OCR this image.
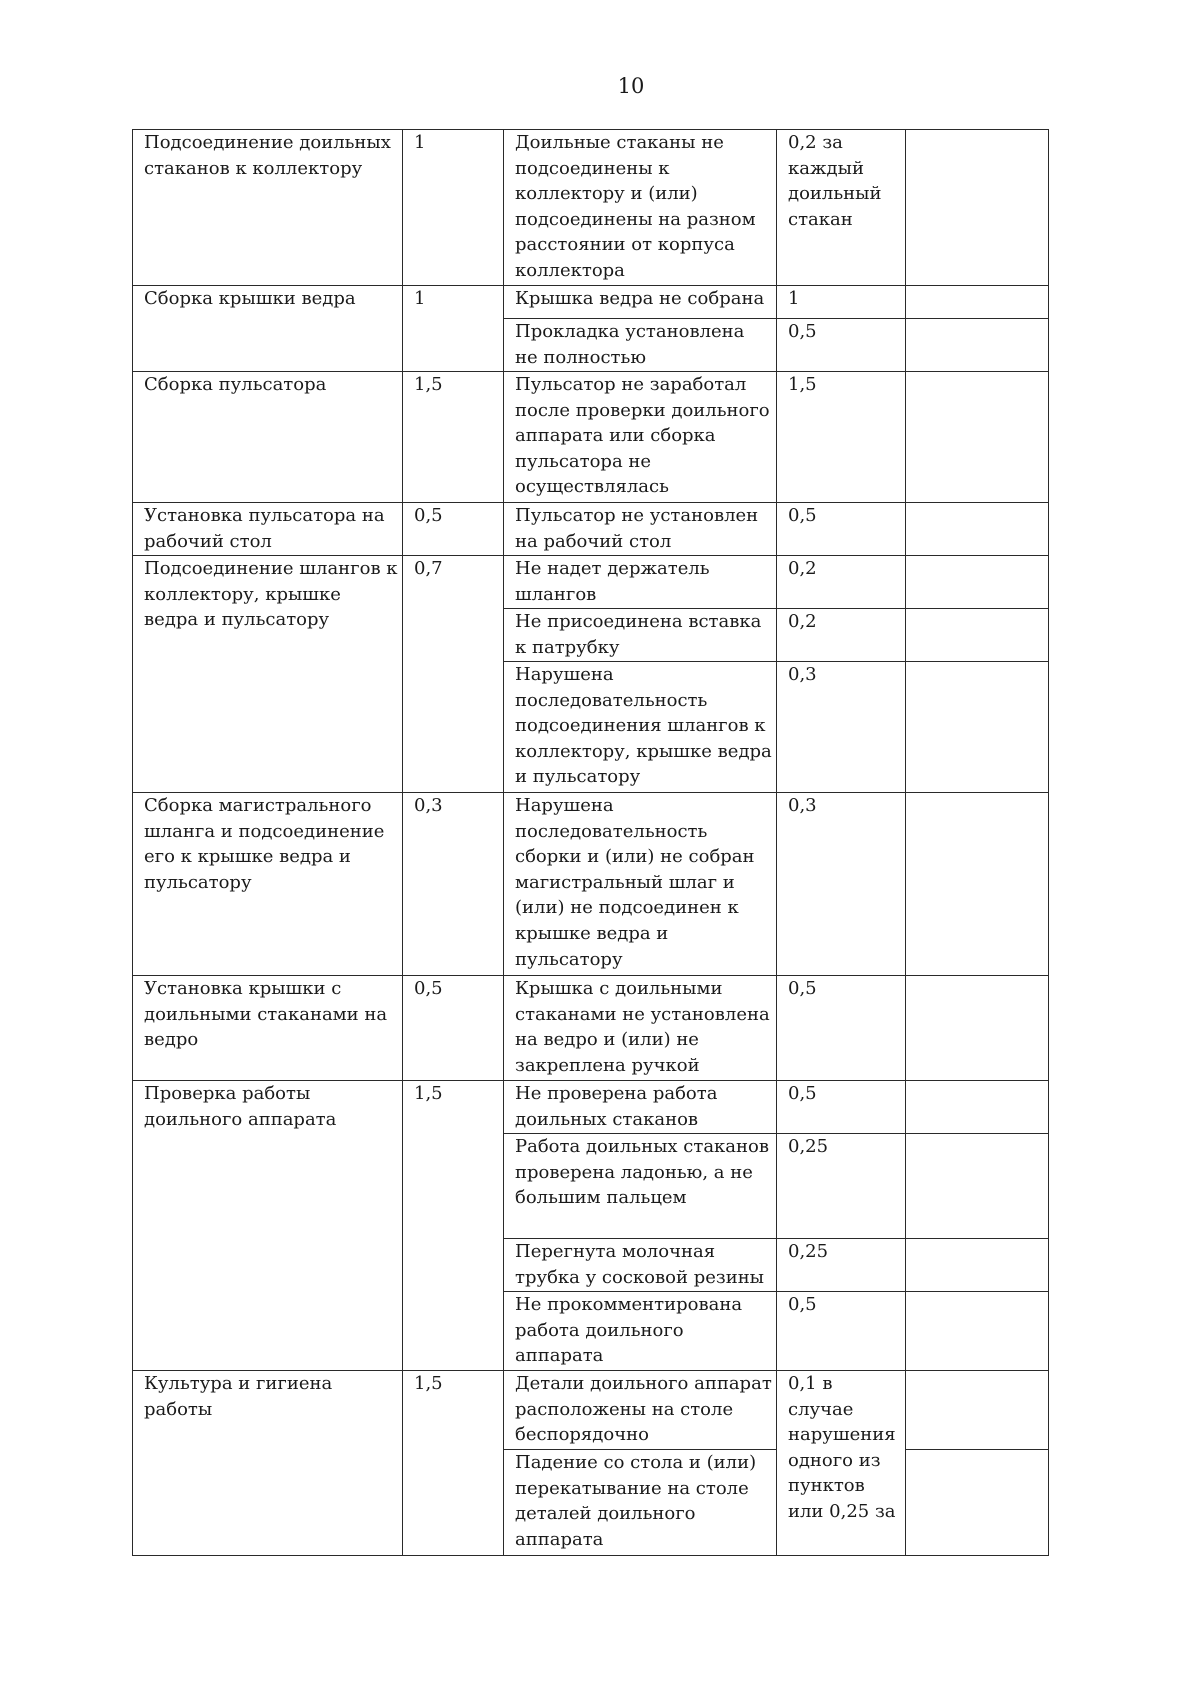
10
Подсоединение доильных стаканов к коллектору	1	Доильные стаканы не подсоединены к коллектору и (или) подсоединены на разном расстоянии от корпуса коллектора	0,2 за каждый доильный стакан	
Сборка крышки ведра	1	Крышка ведра не собрана	1	
		Прокладка установлена не полностью	0,5	
Сборка пульсатора	1,5	Пульсатор не заработал после проверки доильного аппарата или сборка пульсатора не осуществлялась	1,5	
Установка пульсатора на рабочий стол	0,5	Пульсатор не установлен на рабочий стол	0,5	
Подсоединение шлангов к коллектору, крышке ведра и пульсатору	0,7	Не надет держатель шлангов	0,2	
		Не присоединена вставка к патрубку	0,2	
		Нарушена последовательность подсоединения шлангов к коллектору, крышке ведра и пульсатору	0,3	
Сборка магистрального шланга и подсоединение его к крышке ведра и пульсатору	0,3	Нарушена последовательность сборки и (или) не собран магистральный шлаг и (или) не подсоединен к крышке ведра и пульсатору	0,3	
Установка крышки с доильными стаканами на ведро	0,5	Крышка с доильными стаканами не установлена на ведро и (или) не закреплена ручкой	0,5	
Проверка работы доильного аппарата	1,5	Не проверена работа доильных стаканов	0,5	
		Работа доильных стаканов проверена ладонью, а не большим пальцем	0,25	
		Перегнута молочная трубка у сосковой резины	0,25	
		Не прокомментирована работа доильного аппарата	0,5	
Культура и гигиена работы	1,5	Детали доильного аппарат расположены на столе беспорядочно	0,1 в случае нарушения одного из пунктов или 0,25 за	
		Падение со стола и (или) перекатывание на столе деталей доильного аппарата		
